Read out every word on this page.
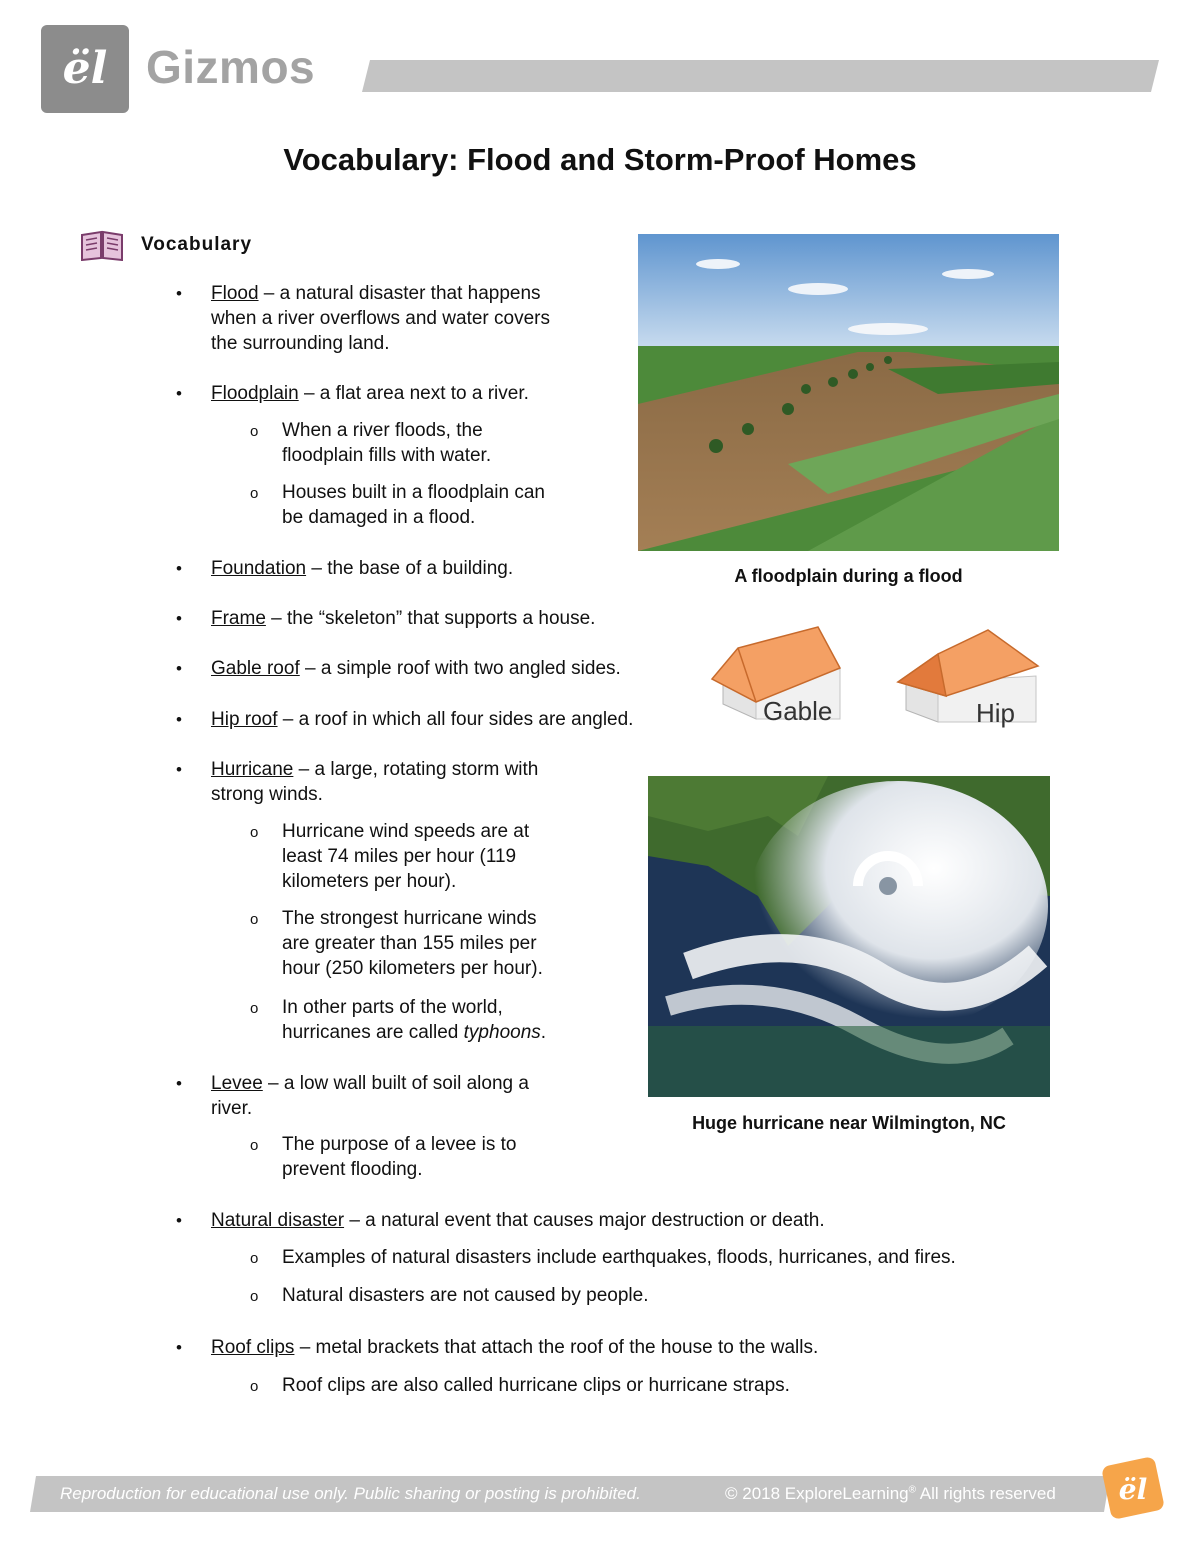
ël Gizmos
Vocabulary: Flood and Storm-Proof Homes
Vocabulary
• Flood – a natural disaster that happens
when a river overflows and water covers
the surrounding land.
• Floodplain – a flat area next to a river.
o When a river floods, the
floodplain fills with water.
o Houses built in a floodplain can
be damaged in a flood.
• Foundation – the base of a building.
• Frame – the “skeleton” that supports a house.
• Gable roof – a simple roof with two angled sides.
• Hip roof – a roof in which all four sides are angled.
• Hurricane – a large, rotating storm with
strong winds.
o Hurricane wind speeds are at
least 74 miles per hour (119
kilometers per hour).
o The strongest hurricane winds
are greater than 155 miles per
hour (250 kilometers per hour).
o In other parts of the world,
hurricanes are called typhoons.
• Levee – a low wall built of soil along a
river.
o The purpose of a levee is to
prevent flooding.
• Natural disaster – a natural event that causes major destruction or death.
o Examples of natural disasters include earthquakes, floods, hurricanes, and fires.
o Natural disasters are not caused by people.
• Roof clips – metal brackets that attach the roof of the house to the walls.
o Roof clips are also called hurricane clips or hurricane straps.
A floodplain during a flood
Gable	Hip
Huge hurricane near Wilmington, NC
Reproduction for educational use only. Public sharing or posting is prohibited.	© 2018 ExploreLearning® All rights reserved ël
